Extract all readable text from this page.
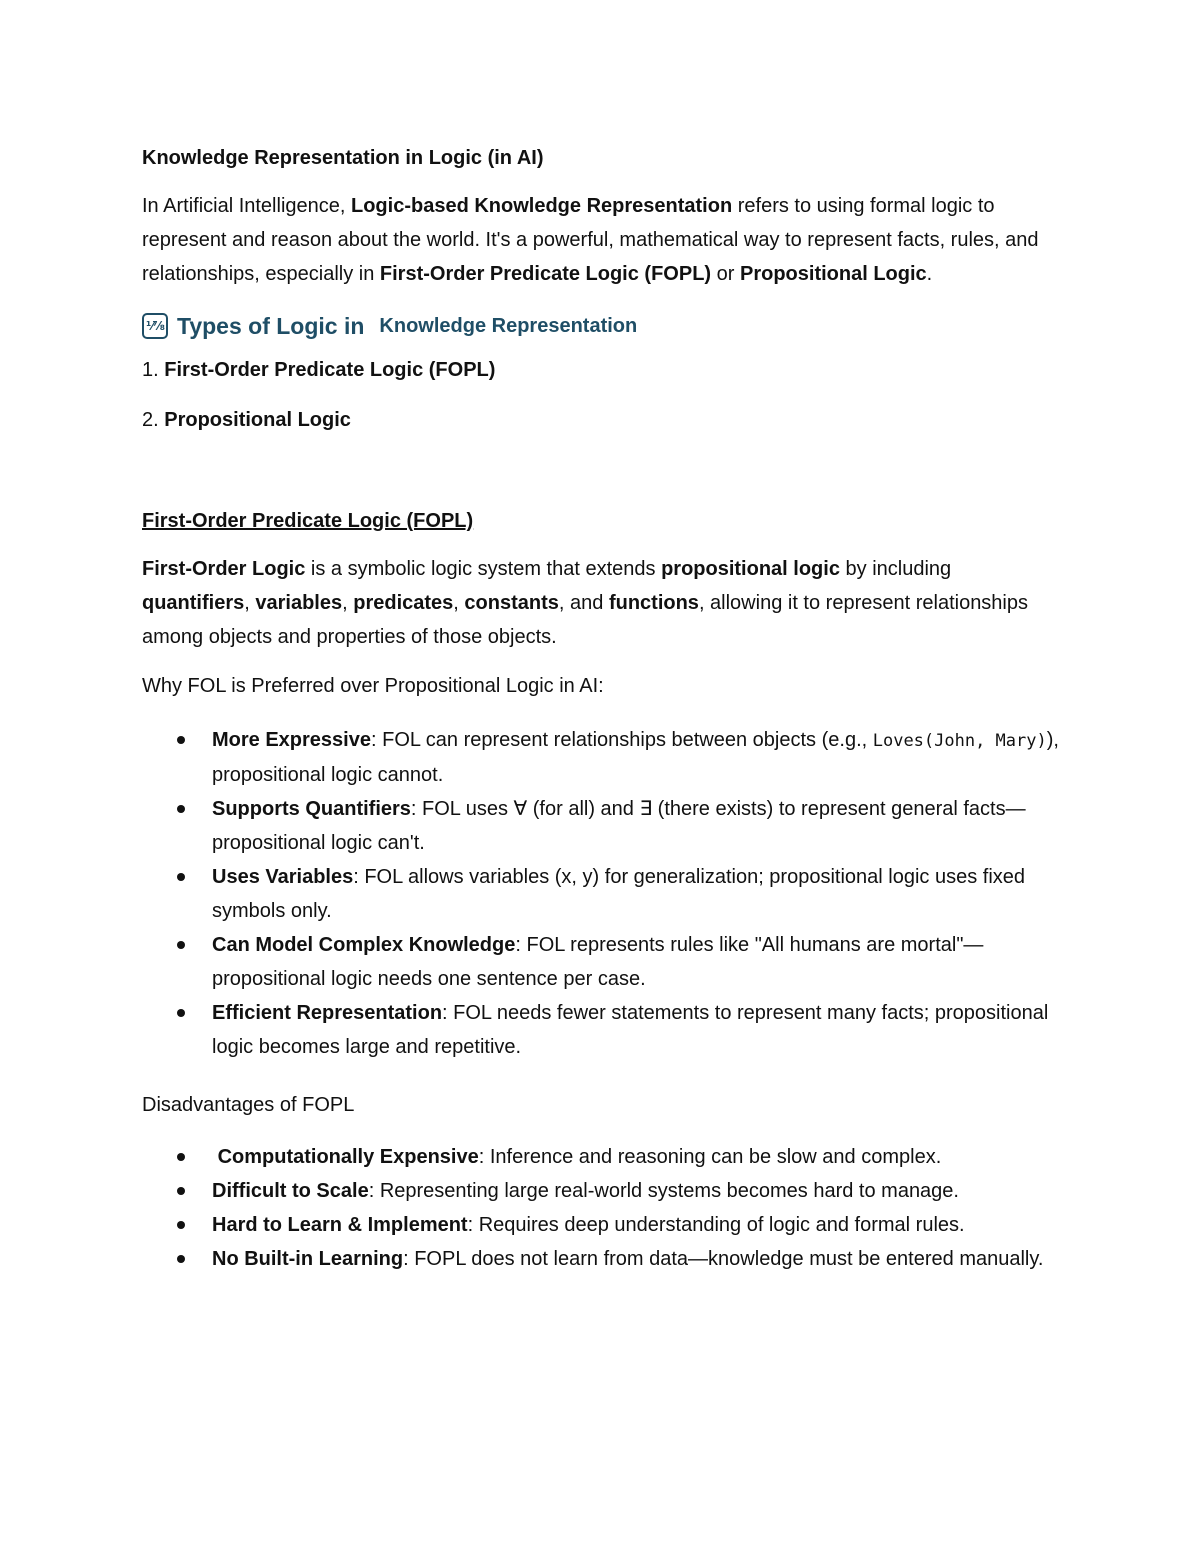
Knowledge Representation in Logic (in AI)

In Artificial Intelligence, Logic-based Knowledge Representation refers to using formal logic to represent and reason about the world. It's a powerful, mathematical way to represent facts, rules, and relationships, especially in First-Order Predicate Logic (FOPL) or Propositional Logic.

⅟⅞ Types of Logic in Knowledge Representation

1. First-Order Predicate Logic (FOPL)

2. Propositional Logic

First-Order Predicate Logic (FOPL)

First-Order Logic is a symbolic logic system that extends propositional logic by including quantifiers, variables, predicates, constants, and functions, allowing it to represent relationships among objects and properties of those objects.

Why FOL is Preferred over Propositional Logic in AI:

More Expressive: FOL can represent relationships between objects (e.g., Loves(John, Mary)), propositional logic cannot.
Supports Quantifiers: FOL uses ∀ (for all) and ∃ (there exists) to represent general facts—propositional logic can't.
Uses Variables: FOL allows variables (x, y) for generalization; propositional logic uses fixed symbols only.
Can Model Complex Knowledge: FOL represents rules like "All humans are mortal"—propositional logic needs one sentence per case.
Efficient Representation: FOL needs fewer statements to represent many facts; propositional logic becomes large and repetitive.

Disadvantages of FOPL

Computationally Expensive: Inference and reasoning can be slow and complex.
Difficult to Scale: Representing large real-world systems becomes hard to manage.
Hard to Learn & Implement: Requires deep understanding of logic and formal rules.
No Built-in Learning: FOPL does not learn from data—knowledge must be entered manually.
